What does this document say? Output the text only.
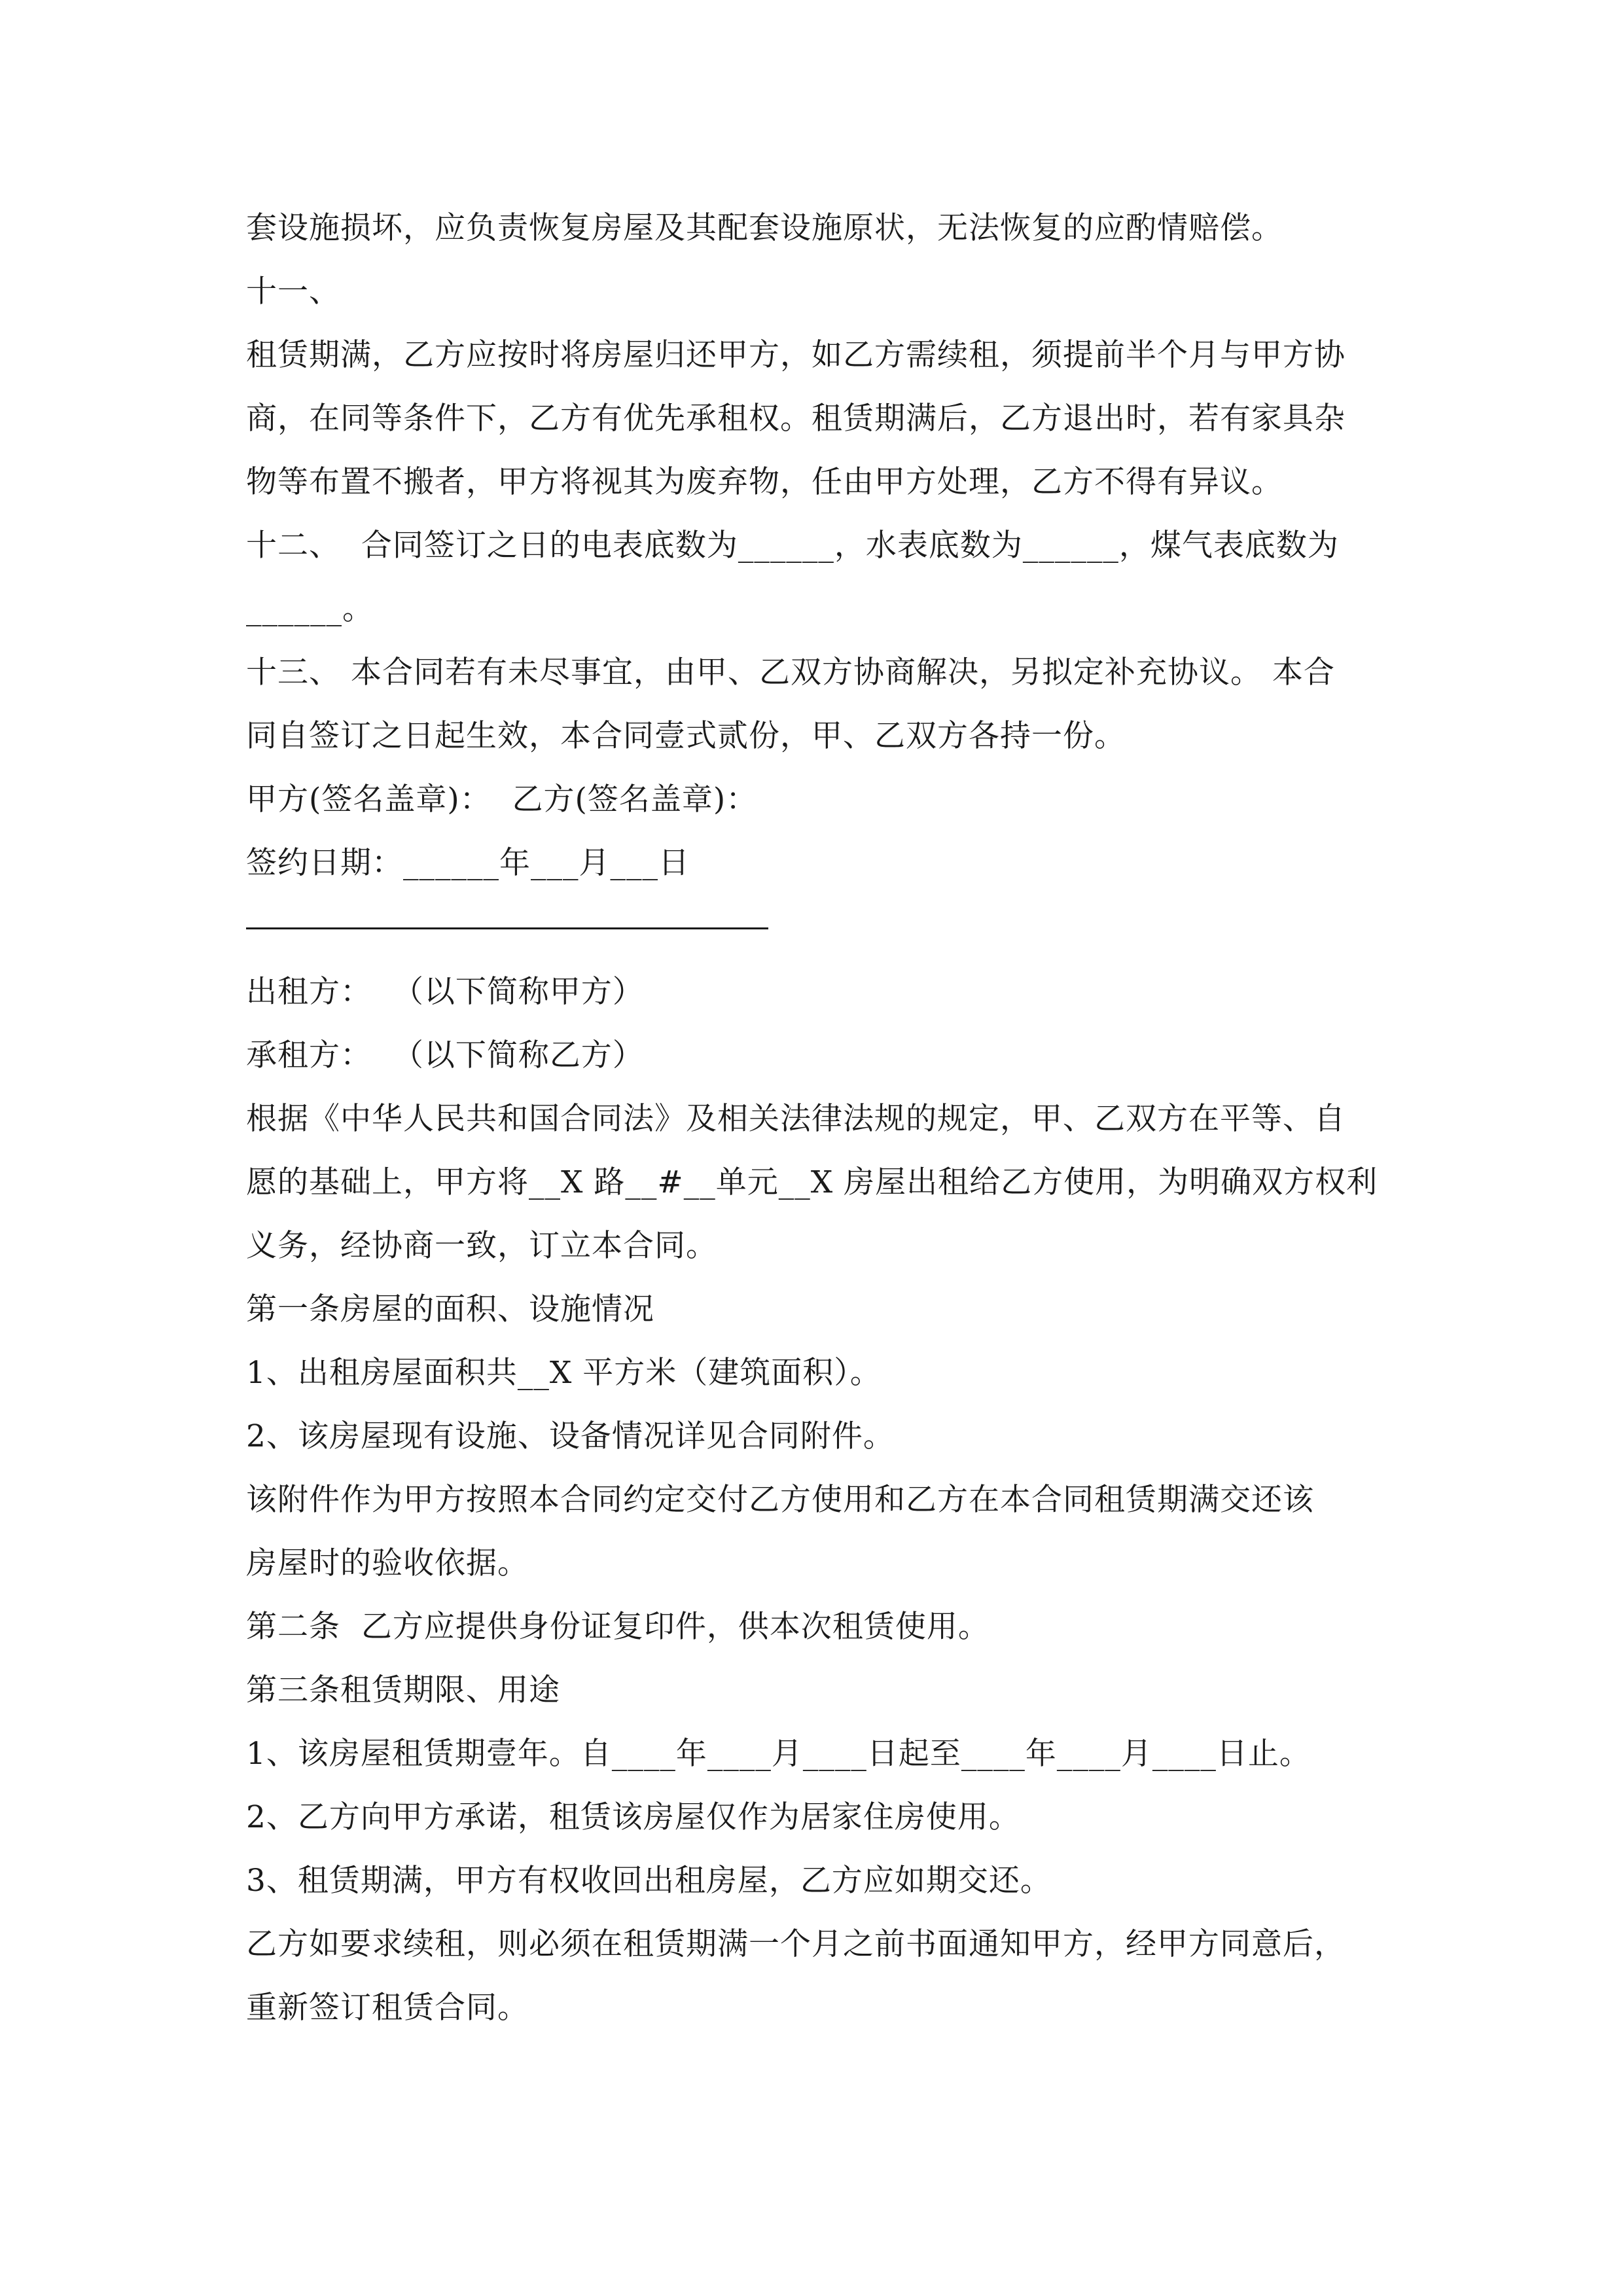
套设施损坏，应负责恢复房屋及其配套设施原状，无法恢复的应酌情赔偿。
十一、
租赁期满，乙方应按时将房屋归还甲方，如乙方需续租，须提前半个月与甲方协
商，在同等条件下，乙方有优先承租权。租赁期满后，乙方退出时，若有家具杂
物等布置不搬者，甲方将视其为废弃物，任由甲方处理，乙方不得有异议。
十二、  合同签订之日的电表底数为______，水表底数为______，煤气表底数为
______。
十三、 本合同若有未尽事宜，由甲、乙双方协商解决，另拟定补充协议。 本合
同自签订之日起生效，本合同壹式贰份，甲、乙双方各持一份。
甲方(签名盖章)：  乙方(签名盖章)：
签约日期：______年___月___日
出租方：  （以下简称甲方）
承租方：  （以下简称乙方）
根据《中华人民共和国合同法》及相关法律法规的规定，甲、乙双方在平等、自
愿的基础上，甲方将__X 路__#__单元__X 房屋出租给乙方使用，为明确双方权利
义务，经协商一致，订立本合同。
第一条房屋的面积、设施情况
1、出租房屋面积共__X 平方米（建筑面积）。
2、该房屋现有设施、设备情况详见合同附件。
该附件作为甲方按照本合同约定交付乙方使用和乙方在本合同租赁期满交还该
房屋时的验收依据。
第二条  乙方应提供身份证复印件，供本次租赁使用。
第三条租赁期限、用途
1、该房屋租赁期壹年。自____年____月____日起至____年____月____日止。
2、乙方向甲方承诺，租赁该房屋仅作为居家住房使用。
3、租赁期满，甲方有权收回出租房屋，乙方应如期交还。
乙方如要求续租，则必须在租赁期满一个月之前书面通知甲方，经甲方同意后，
重新签订租赁合同。
